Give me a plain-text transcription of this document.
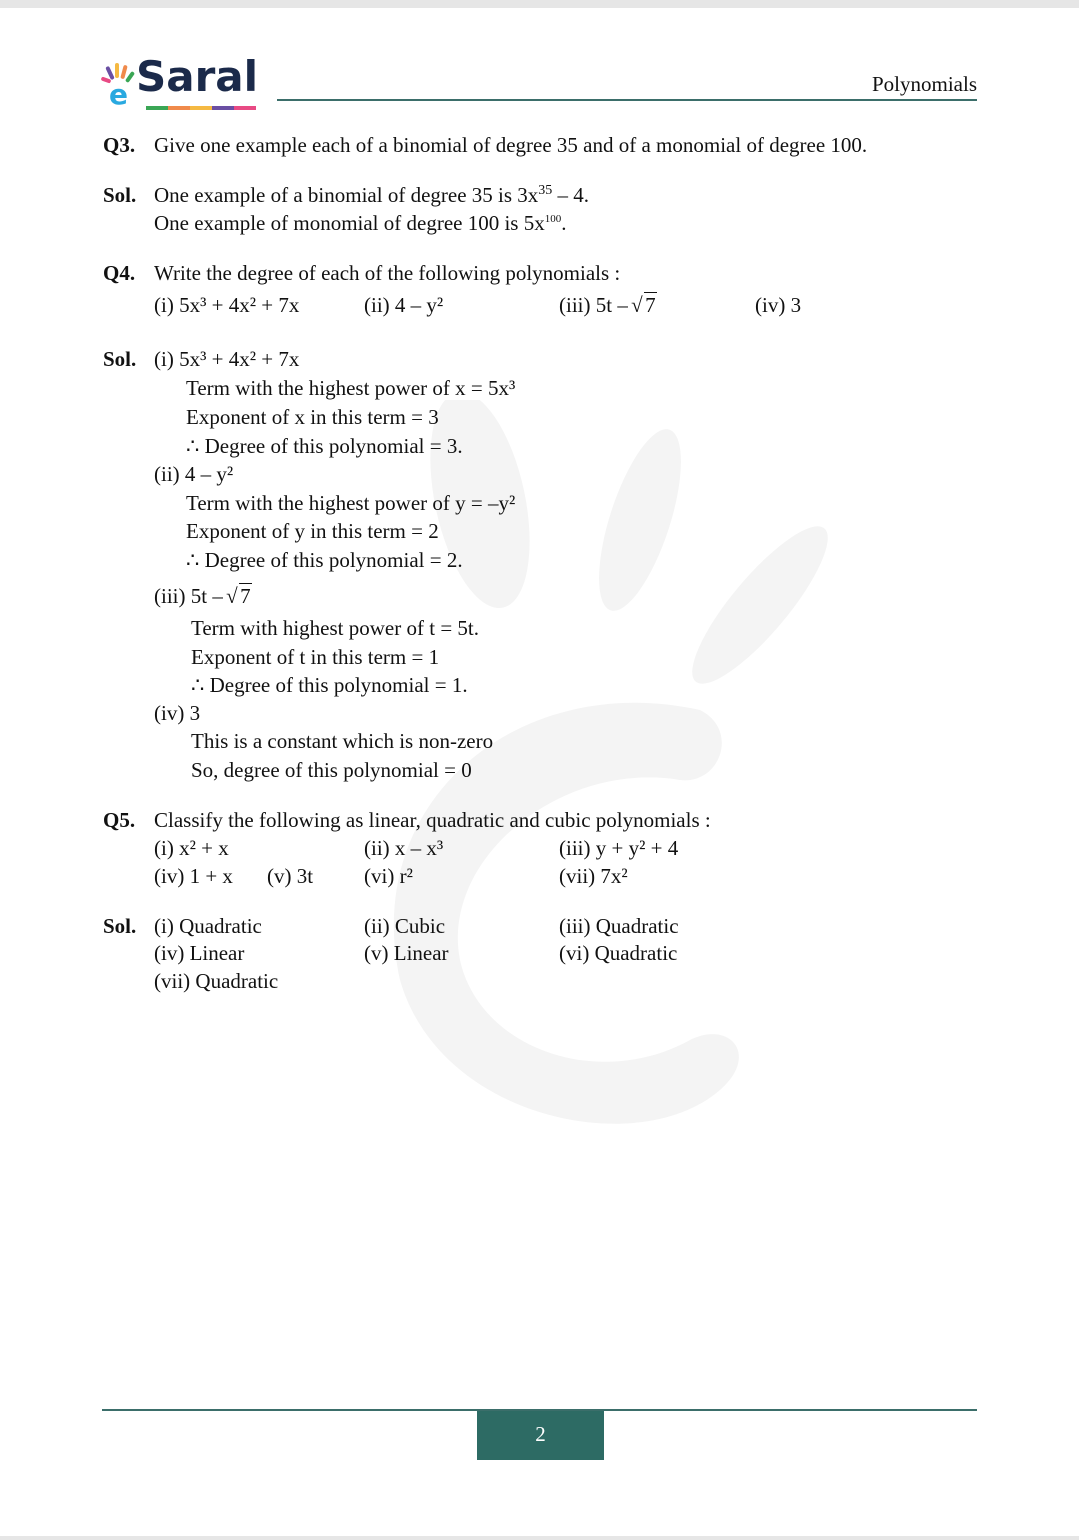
e Saral	Polynomials
Q3. Give one example each of a binomial of degree 35 and of a monomial of degree 100.
Sol. One example of a binomial of degree 35 is $3x^{35} - 4$.
One example of monomial of degree 100 is $5x^{100}$.
Q4. Write the degree of each of the following polynomials :
(i) 5x³ + 4x² + 7x	(ii) 4 – y²	(iii) 5t – √ 7	(iv) 3
Sol. (i) 5x³ + 4x² + 7x
Term with the highest power of x = 5x³
Exponent of x in this term = 3
∴ Degree of this polynomial = 3.
(ii) 4 – y²
Term with the highest power of y = –y²
Exponent of y in this term = 2
∴ Degree of this polynomial = 2.
(iii) 5t – √ 7
Term with highest power of t = 5t.
Exponent of t in this term = 1
∴ Degree of this polynomial = 1.
(iv) 3
This is a constant which is non-zero
So, degree of this polynomial = 0
Q5. Classify the following as linear, quadratic and cubic polynomials :
(i) x² + x	(ii) x – x³	(iii) y + y² + 4
(iv) 1 + x (v) 3t (vi) r²	(vii) 7x²
Sol. (i) Quadratic	(ii) Cubic	(iii) Quadratic
(iv) Linear	(v) Linear	(vi) Quadratic
(vii) Quadratic
2
